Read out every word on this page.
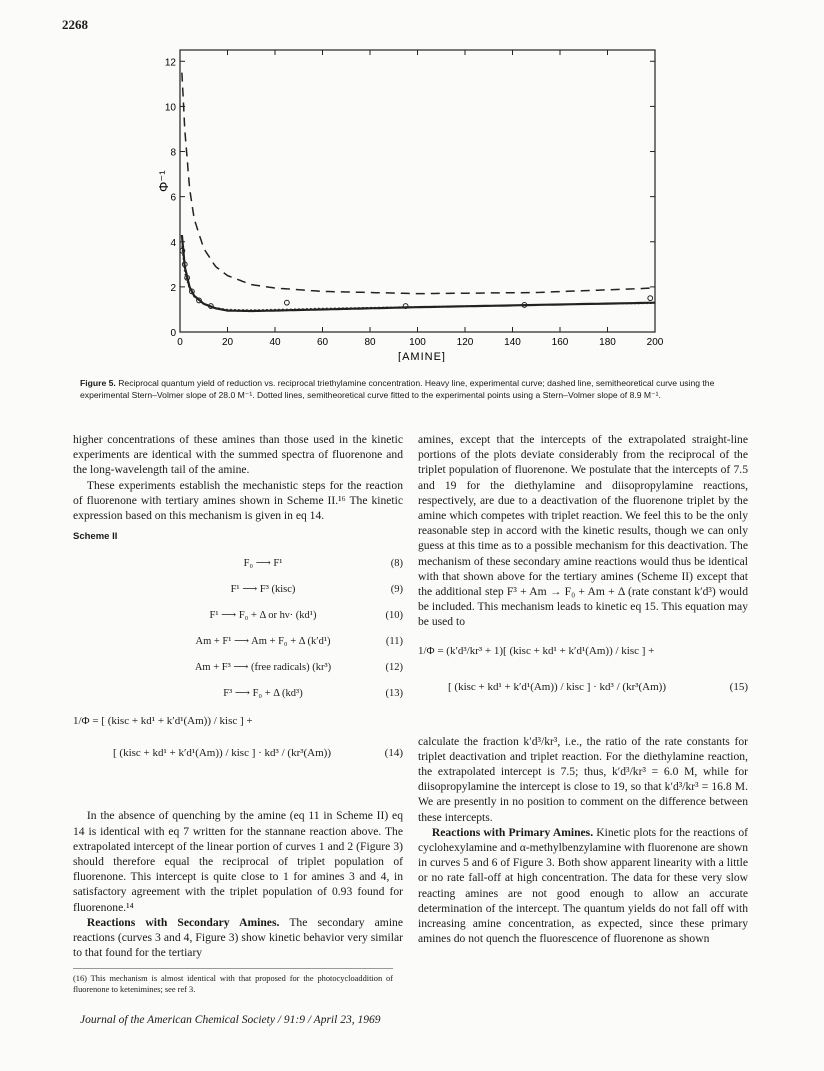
2268
0	20	40	60	80	100	120	140	160	180	200
0
2
4
6
8
10
12
Φ⁻¹
[AMINE]
Figure 5. Reciprocal quantum yield of reduction vs. reciprocal triethylamine concentration. Heavy line, experimental curve; dashed line, semitheoretical curve using the experimental Stern–Volmer slope of 28.0 M⁻¹. Dotted lines, semitheoretical curve fitted to the experimental points using a Stern–Volmer slope of 8.9 M⁻¹.

higher concentrations of these amines than those used in the kinetic experiments are identical with the summed spectra of fluorenone and the long-wavelength tail of the amine.

These experiments establish the mechanistic steps for the reaction of fluorenone with tertiary amines shown in Scheme II.¹⁶ The kinetic expression based on this mechanism is given in eq 14.

Scheme II
F₀ ⟶ F¹	(8)
F¹ ⟶ F³ (kisc)	(9)
F¹ ⟶ F₀ + Δ or hν· (kd¹)	(10)
Am + F¹ ⟶ Am + F₀ + Δ (k′d¹)	(11)
Am + F³ ⟶ (free radicals) (kr³)	(12)
F³ ⟶ F₀ + Δ (kd³)	(13)
1/Φ = [ (kisc + kd¹ + k′d¹(Am)) / kisc ] +
[ (kisc + kd¹ + k′d¹(Am)) / kisc ] · kd³ / (kr³(Am))	(14)

In the absence of quenching by the amine (eq 11 in Scheme II) eq 14 is identical with eq 7 written for the stannane reaction above. The extrapolated intercept of the linear portion of curves 1 and 2 (Figure 3) should therefore equal the reciprocal of triplet population of fluorenone. This intercept is quite close to 1 for amines 3 and 4, in satisfactory agreement with the triplet population of 0.93 found for fluorenone.¹⁴

Reactions with Secondary Amines. The secondary amine reactions (curves 3 and 4, Figure 3) show kinetic behavior very similar to that found for the tertiary

(16) This mechanism is almost identical with that proposed for the photocycloaddition of fluorenone to ketenimines; see ref 3.

amines, except that the intercepts of the extrapolated straight-line portions of the plots deviate considerably from the reciprocal of the triplet population of fluorenone. We postulate that the intercepts of 7.5 and 19 for the diethylamine and diisopropylamine reactions, respectively, are due to a deactivation of the fluorenone triplet by the amine which competes with triplet reaction. We feel this to be the only reasonable step in accord with the kinetic results, though we can only guess at this time as to a possible mechanism for this deactivation. The mechanism of these secondary amine reactions would thus be identical with that shown above for the tertiary amines (Scheme II) except that the additional step F³ + Am → F₀ + Am + Δ (rate constant k′d³) would be included. This mechanism leads to kinetic eq 15. This equation may be used to

1/Φ = (k′d³/kr³ + 1)[ (kisc + kd¹ + k′d¹(Am)) / kisc ] +
[ (kisc + kd¹ + k′d¹(Am)) / kisc ] · kd³ / (kr³(Am))	(15)

calculate the fraction k′d³/kr³, i.e., the ratio of the rate constants for triplet deactivation and triplet reaction. For the diethylamine reaction, the extrapolated intercept is 7.5; thus, k′d³/kr³ = 6.0 M, while for diisopropylamine the intercept is close to 19, so that k′d³/kr³ = 16.8 M. We are presently in no position to comment on the difference between these intercepts.

Reactions with Primary Amines. Kinetic plots for the reactions of cyclohexylamine and α-methylbenzylamine with fluorenone are shown in curves 5 and 6 of Figure 3. Both show apparent linearity with a little or no rate fall-off at high concentration. The data for these very slow reacting amines are not good enough to allow an accurate determination of the intercept. The quantum yields do not fall off with increasing amine concentration, as expected, since these primary amines do not quench the fluorescence of fluorenone as shown

Journal of the American Chemical Society / 91:9 / April 23, 1969
